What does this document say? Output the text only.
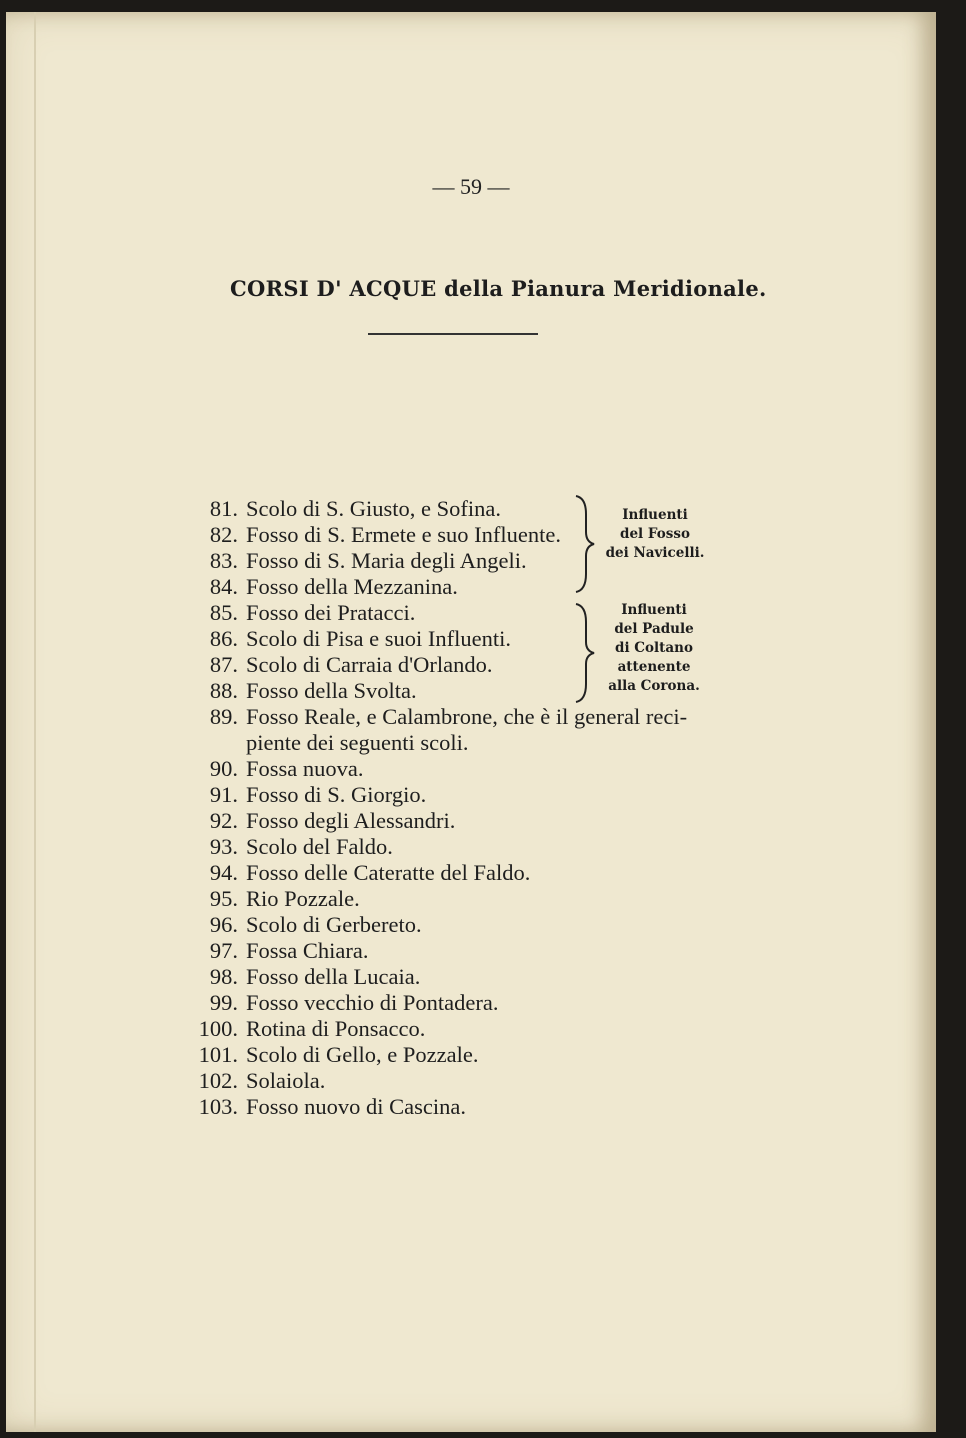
— 59 —
CORSI D' ACQUE della Pianura Meridionale.
81. Scolo di S. Giusto, e Sofina.
82. Fosso di S. Ermete e suo Influente.
83. Fosso di S. Maria degli Angeli.
84. Fosso della Mezzanina.
85. Fosso dei Pratacci.
86. Scolo di Pisa e suoi Influenti.
87. Scolo di Carraia d'Orlando.
88. Fosso della Svolta.
89. Fosso Reale, e Calambrone, che è il general reci-
piente dei seguenti scoli.
90. Fossa nuova.
91. Fosso di S. Giorgio.
92. Fosso degli Alessandri.
93. Scolo del Faldo.
94. Fosso delle Cateratte del Faldo.
95. Rio Pozzale.
96. Scolo di Gerbereto.
97. Fossa Chiara.
98. Fosso della Lucaia.
99. Fosso vecchio di Pontadera.
100. Rotina di Ponsacco.
101. Scolo di Gello, e Pozzale.
102. Solaiola.
103. Fosso nuovo di Cascina.
Influenti
del Fosso
dei Navicelli.
Influenti
del Padule
di Coltano
attenente
alla Corona.
